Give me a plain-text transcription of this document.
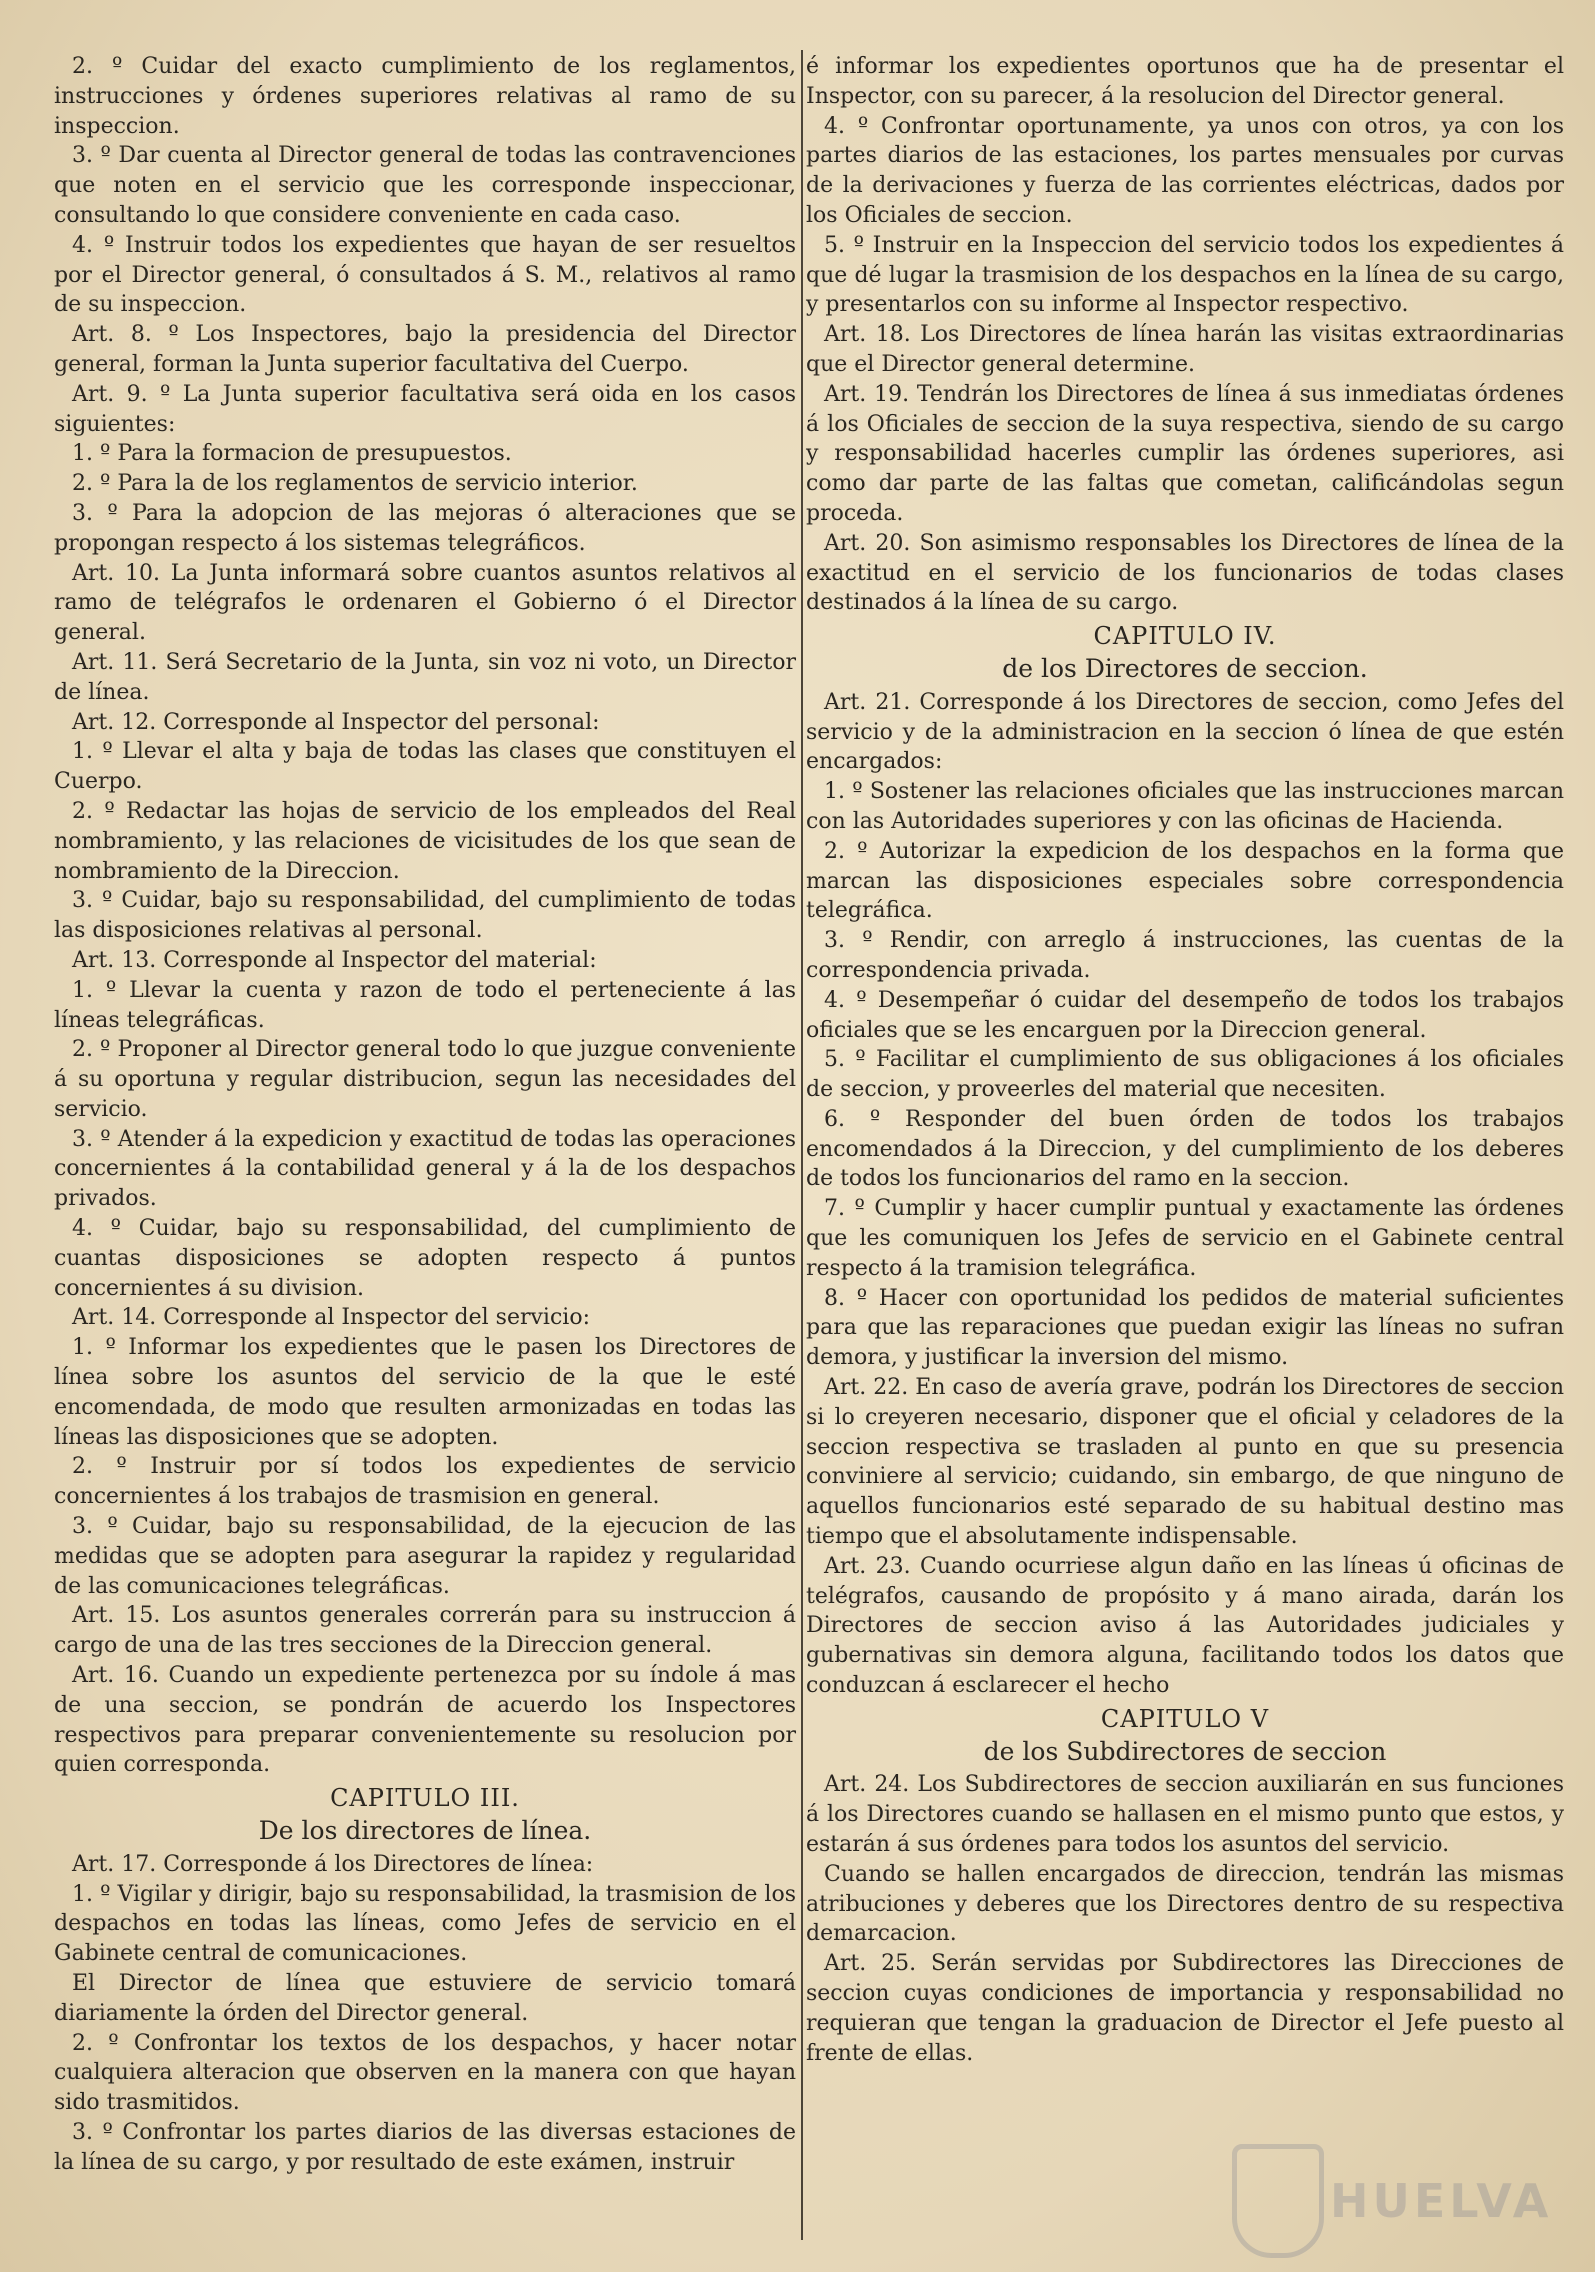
2. º Cuidar del exacto cumplimiento de los reglamentos, instrucciones y órdenes superiores relativas al ramo de su inspeccion.

3. º Dar cuenta al Director general de todas las contravenciones que noten en el servicio que les corresponde inspeccionar, consultando lo que considere conveniente en cada caso.

4. º Instruir todos los expedientes que hayan de ser resueltos por el Director general, ó consultados á S. M., relativos al ramo de su inspeccion.

Art. 8. º Los Inspectores, bajo la presidencia del Director general, forman la Junta superior facultativa del Cuerpo.

Art. 9. º La Junta superior facultativa será oida en los casos siguientes:

1. º Para la formacion de presupuestos.

2. º Para la de los reglamentos de servicio interior.

3. º Para la adopcion de las mejoras ó alteraciones que se propongan respecto á los sistemas telegráficos.

Art. 10. La Junta informará sobre cuantos asuntos relativos al ramo de telégrafos le ordenaren el Gobierno ó el Director general.

Art. 11. Será Secretario de la Junta, sin voz ni voto, un Director de línea.

Art. 12. Corresponde al Inspector del personal:

1. º Llevar el alta y baja de todas las clases que constituyen el Cuerpo.

2. º Redactar las hojas de servicio de los empleados del Real nombramiento, y las relaciones de vicisitudes de los que sean de nombramiento de la Direccion.

3. º Cuidar, bajo su responsabilidad, del cumplimiento de todas las disposiciones relativas al personal.

Art. 13. Corresponde al Inspector del material:

1. º Llevar la cuenta y razon de todo el perteneciente á las líneas telegráficas.

2. º Proponer al Director general todo lo que juzgue conveniente á su oportuna y regular distribucion, segun las necesidades del servicio.

3. º Atender á la expedicion y exactitud de todas las operaciones concernientes á la contabilidad general y á la de los despachos privados.

4. º Cuidar, bajo su responsabilidad, del cumplimiento de cuantas disposiciones se adopten respecto á puntos concernientes á su division.

Art. 14. Corresponde al Inspector del servicio:

1. º Informar los expedientes que le pasen los Directores de línea sobre los asuntos del servicio de la que le esté encomendada, de modo que resulten armonizadas en todas las líneas las disposiciones que se adopten.

2. º Instruir por sí todos los expedientes de servicio concernientes á los trabajos de trasmision en general.

3. º Cuidar, bajo su responsabilidad, de la ejecucion de las medidas que se adopten para asegurar la rapidez y regularidad de las comunicaciones telegráficas.

Art. 15. Los asuntos generales correrán para su instruccion á cargo de una de las tres secciones de la Direccion general.

Art. 16. Cuando un expediente pertenezca por su índole á mas de una seccion, se pondrán de acuerdo los Inspectores respectivos para preparar convenientemente su resolucion por quien corresponda.

CAPITULO III.

De los directores de línea.

Art. 17. Corresponde á los Directores de línea:

1. º Vigilar y dirigir, bajo su responsabilidad, la trasmision de los despachos en todas las líneas, como Jefes de servicio en el Gabinete central de comunicaciones.

El Director de línea que estuviere de servicio tomará diariamente la órden del Director general.

2. º Confrontar los textos de los despachos, y hacer notar cualquiera alteracion que observen en la manera con que hayan sido trasmitidos.

3. º Confrontar los partes diarios de las diversas estaciones de la línea de su cargo, y por resultado de este exámen, instruir

é informar los expedientes oportunos que ha de presentar el Inspector, con su parecer, á la resolucion del Director general.

4. º Confrontar oportunamente, ya unos con otros, ya con los partes diarios de las estaciones, los partes mensuales por curvas de la derivaciones y fuerza de las corrientes eléctricas, dados por los Oficiales de seccion.

5. º Instruir en la Inspeccion del servicio todos los expedientes á que dé lugar la trasmision de los despachos en la línea de su cargo, y presentarlos con su informe al Inspector respectivo.

Art. 18. Los Directores de línea harán las visitas extraordinarias que el Director general determine.

Art. 19. Tendrán los Directores de línea á sus inmediatas órdenes á los Oficiales de seccion de la suya respectiva, siendo de su cargo y responsabilidad hacerles cumplir las órdenes superiores, asi como dar parte de las faltas que cometan, calificándolas segun proceda.

Art. 20. Son asimismo responsables los Directores de línea de la exactitud en el servicio de los funcionarios de todas clases destinados á la línea de su cargo.

CAPITULO IV.

de los Directores de seccion.

Art. 21. Corresponde á los Directores de seccion, como Jefes del servicio y de la administracion en la seccion ó línea de que estén encargados:

1. º Sostener las relaciones oficiales que las instrucciones marcan con las Autoridades superiores y con las oficinas de Hacienda.

2. º Autorizar la expedicion de los despachos en la forma que marcan las disposiciones especiales sobre correspondencia telegráfica.

3. º Rendir, con arreglo á instrucciones, las cuentas de la correspondencia privada.

4. º Desempeñar ó cuidar del desempeño de todos los trabajos oficiales que se les encarguen por la Direccion general.

5. º Facilitar el cumplimiento de sus obligaciones á los oficiales de seccion, y proveerles del material que necesiten.

6. º Responder del buen órden de todos los trabajos encomendados á la Direccion, y del cumplimiento de los deberes de todos los funcionarios del ramo en la seccion.

7. º Cumplir y hacer cumplir puntual y exactamente las órdenes que les comuniquen los Jefes de servicio en el Gabinete central respecto á la tramision telegráfica.

8. º Hacer con oportunidad los pedidos de material suficientes para que las reparaciones que puedan exigir las líneas no sufran demora, y justificar la inversion del mismo.

Art. 22. En caso de avería grave, podrán los Directores de seccion si lo creyeren necesario, disponer que el oficial y celadores de la seccion respectiva se trasladen al punto en que su presencia conviniere al servicio; cuidando, sin embargo, de que ninguno de aquellos funcionarios esté separado de su habitual destino mas tiempo que el absolutamente indispensable.

Art. 23. Cuando ocurriese algun daño en las líneas ú oficinas de telégrafos, causando de propósito y á mano airada, darán los Directores de seccion aviso á las Autoridades judiciales y gubernativas sin demora alguna, facilitando todos los datos que conduzcan á esclarecer el hecho

CAPITULO V

de los Subdirectores de seccion

Art. 24. Los Subdirectores de seccion auxiliarán en sus funciones á los Directores cuando se hallasen en el mismo punto que estos, y estarán á sus órdenes para todos los asuntos del servicio.

Cuando se hallen encargados de direccion, tendrán las mismas atribuciones y deberes que los Directores dentro de su respectiva demarcacion.

Art. 25. Serán servidas por Subdirectores las Direcciones de seccion cuyas condiciones de importancia y responsabilidad no requieran que tengan la graduacion de Director el Jefe puesto al frente de ellas.

HUELVA
